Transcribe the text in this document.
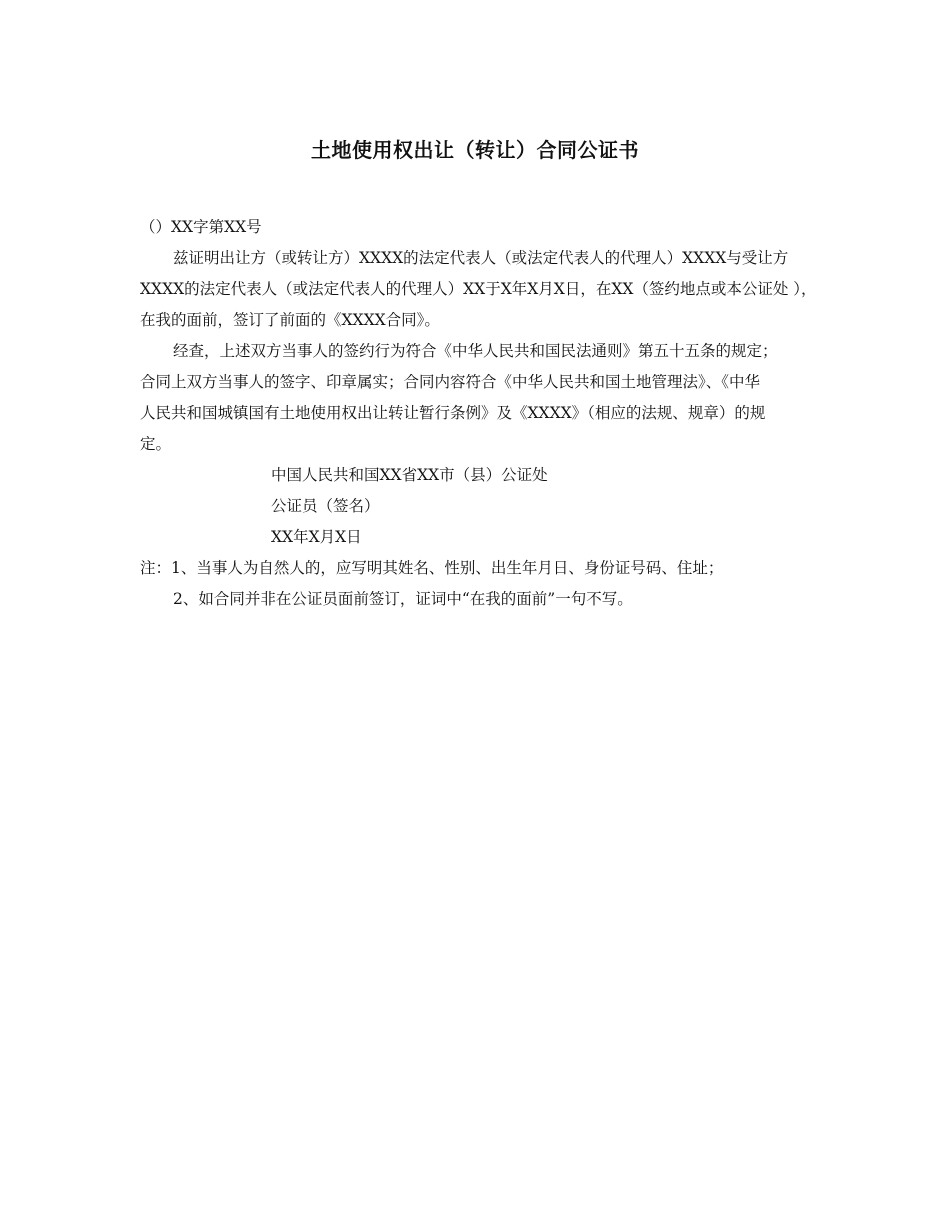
土地使用权出让（转让）合同公证书

（）XX字第XX号

兹证明出让方（或转让方）XXXX的法定代表人（或法定代表人的代理人）XXXX与受让方

XXXX的法定代表人（或法定代表人的代理人）XX于X年X月X日，在XX（签约地点或本公证处 ），

在我的面前，签订了前面的《XXXX合同》。

经查，上述双方当事人的签约行为符合《中华人民共和国民法通则》第五十五条的规定；

合同上双方当事人的签字、印章属实；合同内容符合《中华人民共和国土地管理法》、《中华

人民共和国城镇国有土地使用权出让转让暂行条例》及《XXXX》（相应的法规、规章）的规

定。

中国人民共和国XX省XX市（县）公证处

公证员（签名）

XX年X月X日

注：1、当事人为自然人的，应写明其姓名、性别、出生年月日、身份证号码、住址；

2、如合同并非在公证员面前签订，证词中“在我的面前”一句不写。
